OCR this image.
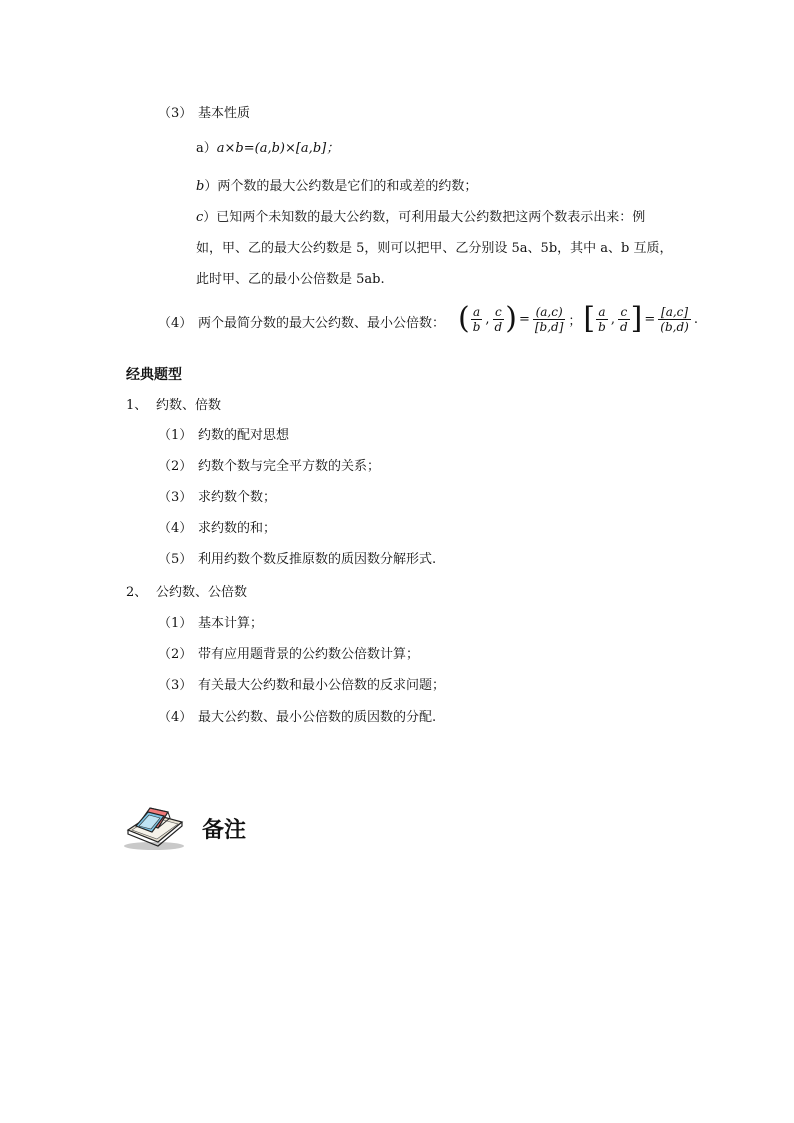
（3） 基本性质
a）a×b=(a,b)×[a,b]；
b）两个数的最大公约数是它们的和或差的约数；
c）已知两个未知数的最大公约数，可利用最大公约数把这两个数表示出来：例
如，甲、乙的最大公约数是 5，则可以把甲、乙分别设 5a、5b，其中 a、b 互质，
此时甲、乙的最小公倍数是 5ab.
（4） 两个最简分数的最大公约数、最小公倍数： ( $\frac{a}{b}$ , $\frac{c}{d}$ ) = $\frac{(a,c)}{[b,d]}$ ； [ $\frac{a}{b}$ , $\frac{c}{d}$ ] = $\frac{[a,c]}{(b,d)}$ .
经典题型
1、 约数、倍数
（1） 约数的配对思想
（2） 约数个数与完全平方数的关系；
（3） 求约数个数；
（4） 求约数的和；
（5） 利用约数个数反推原数的质因数分解形式.
2、 公约数、公倍数
（1） 基本计算；
（2） 带有应用题背景的公约数公倍数计算；
（3） 有关最大公约数和最小公倍数的反求问题；
（4） 最大公约数、最小公倍数的质因数的分配.
备注
